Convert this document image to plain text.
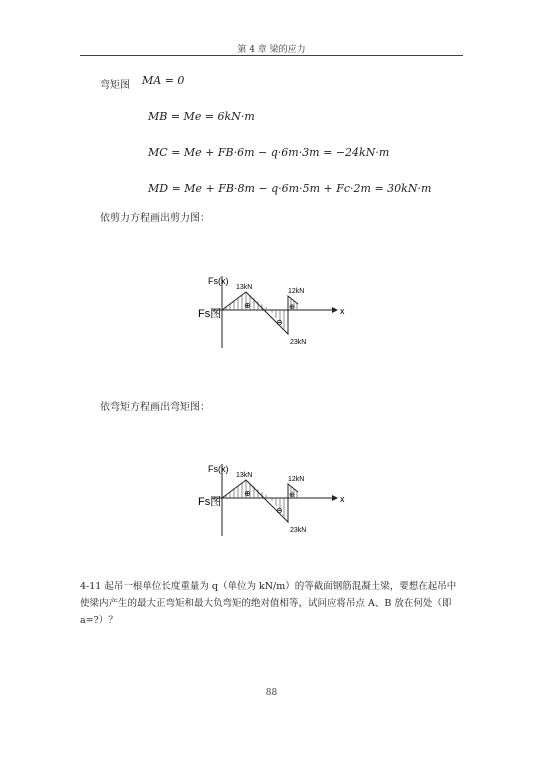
第 4 章 梁的应力
弯矩图 MA = 0
MB = Me = 6kN·m
MC = Me + FB·6m − q·6m·3m = −24kN·m
MD = Me + FB·8m − q·6m·5m + Fc·2m = 30kN·m
依剪力方程画出剪力图：
Fs(x)
x
Fs图
13kN
12kN
23kN
⊕	⊕
⊖
依弯矩方程画出弯矩图：
Fs(x)
x
Fs图
13kN
12kN
23kN
⊕	⊕
⊖
4-11 起吊一根单位长度重量为 q（单位为 kN/m）的等截面钢筋混凝土梁，要想在起吊中使梁内产生的最大正弯矩和最大负弯矩的绝对值相等，试问应将吊点 A、B 放在何处（即 a=?）？
88
